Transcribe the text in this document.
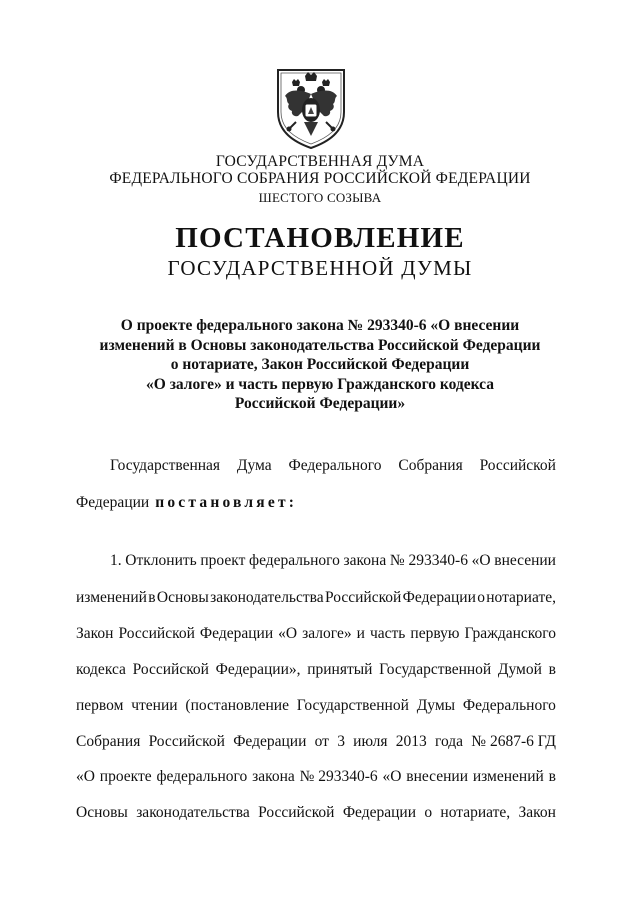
ГОСУДАРСТВЕННАЯ ДУМА
ФЕДЕРАЛЬНОГО СОБРАНИЯ РОССИЙСКОЙ ФЕДЕРАЦИИ
ШЕСТОГО СОЗЫВА
ПОСТАНОВЛЕНИЕ
ГОСУДАРСТВЕННОЙ ДУМЫ
О проекте федерального закона № 293340-6 «О внесении
изменений в Основы законодательства Российской Федерации
о нотариате, Закон Российской Федерации
«О залоге» и часть первую Гражданского кодекса
Российской Федерации»
Государственная Дума Федерального Собрания Российской
Федерации постановляет:
1. Отклонить проект федерального закона № 293340-6 «О внесении
изменений в Основы законодательства Российской Федерации о нотариате,
Закон Российской Федерации «О залоге» и часть первую Гражданского
кодекса Российской Федерации», принятый Государственной Думой в
первом чтении (постановление Государственной Думы Федерального
Собрания Российской Федерации от 3 июля 2013 года № 2687-6 ГД
«О проекте федерального закона № 293340-6 «О внесении изменений в
Основы законодательства Российской Федерации о нотариате, Закон
